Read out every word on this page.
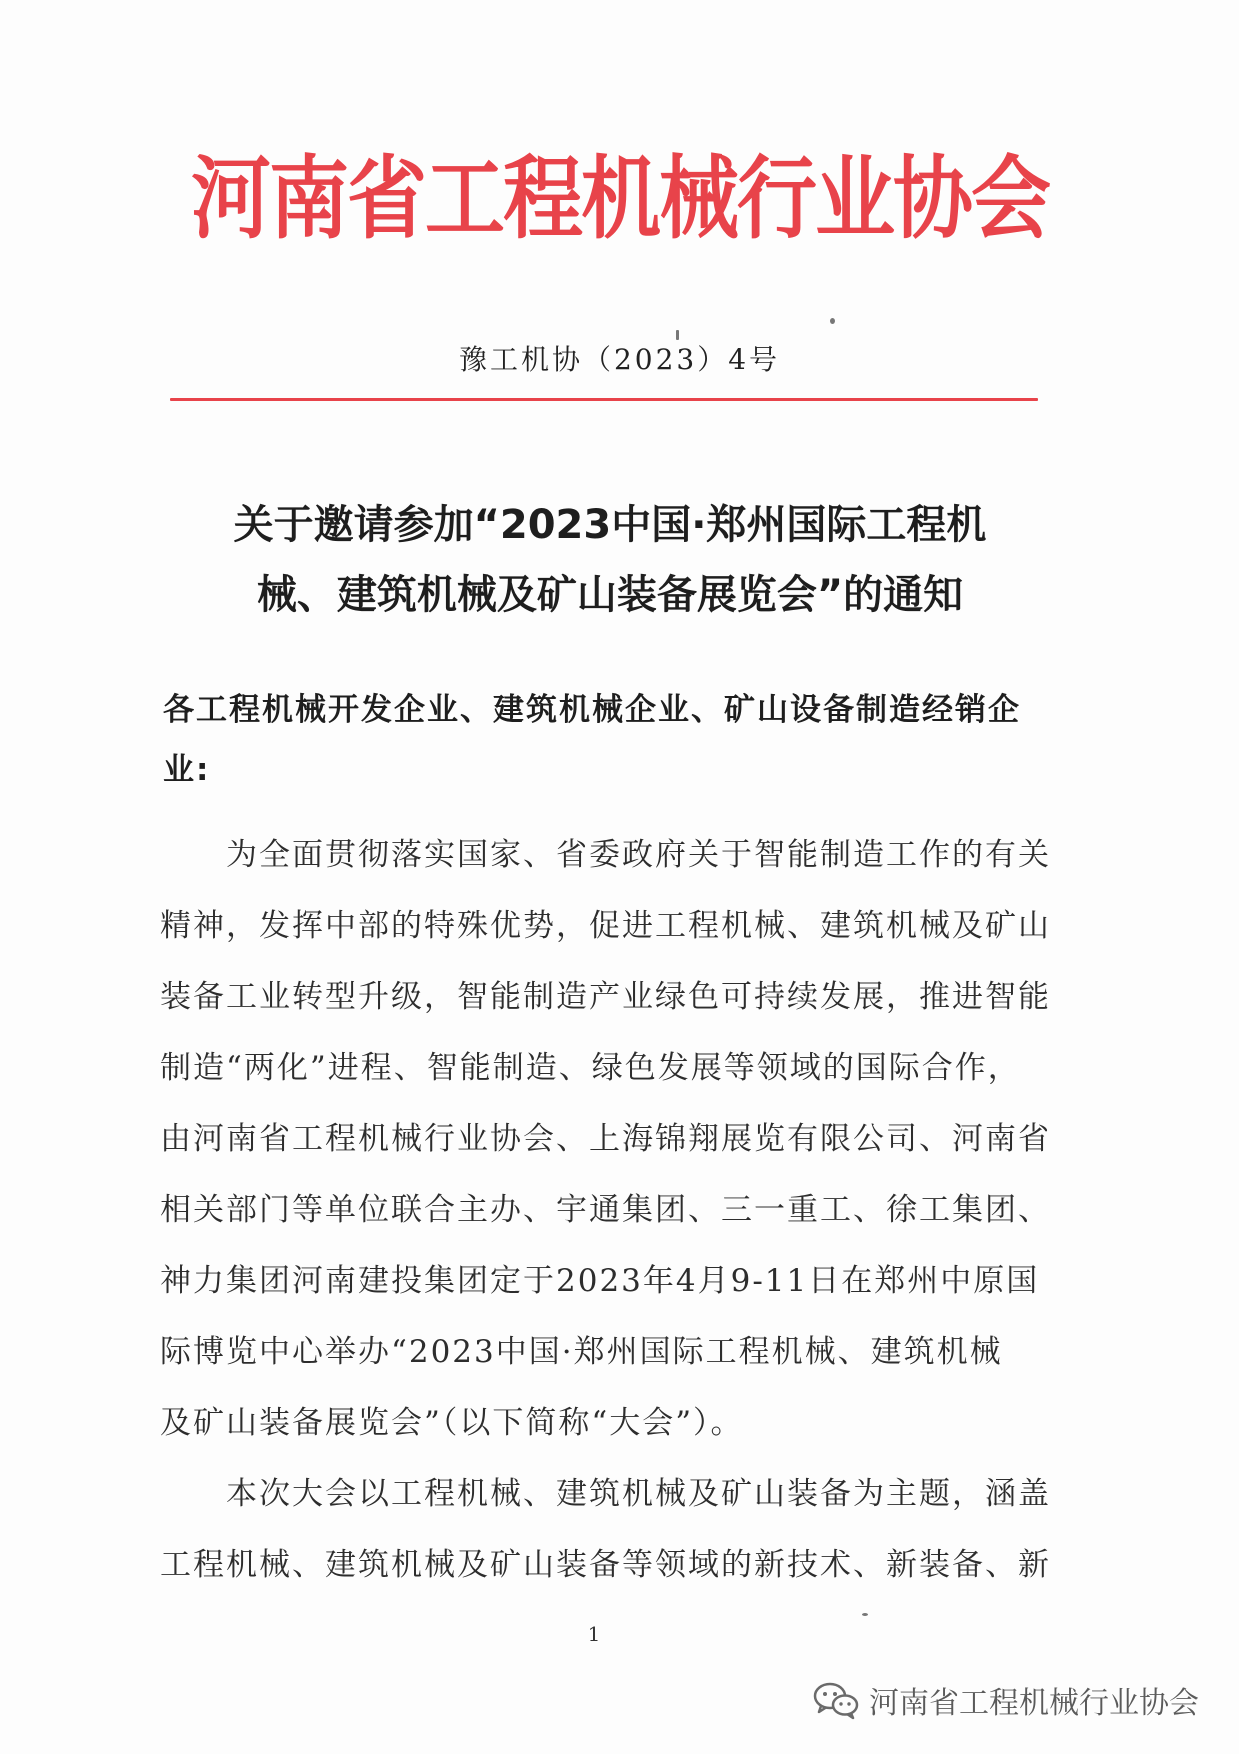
河南省工程机械行业协会
豫工机协（2023）4号
关于邀请参加“2023中国·郑州国际工程机
械、建筑机械及矿山装备展览会”的通知
各工程机械开发企业、建筑机械企业、矿山设备制造经销企
业:
　　为全面贯彻落实国家、省委政府关于智能制造工作的有关
精神，发挥中部的特殊优势，促进工程机械、建筑机械及矿山
装备工业转型升级，智能制造产业绿色可持续发展，推进智能
制造“两化”进程、智能制造、绿色发展等领域的国际合作，
由河南省工程机械行业协会、上海锦翔展览有限公司、河南省
相关部门等单位联合主办、宇通集团、三一重工、徐工集团、
神力集团河南建投集团定于2023年4月9-11日在郑州中原国
际博览中心举办“2023中国·郑州国际工程机械、建筑机械
及矿山装备展览会”（以下简称“大会”）。
　　本次大会以工程机械、建筑机械及矿山装备为主题，涵盖
工程机械、建筑机械及矿山装备等领域的新技术、新装备、新
1
河南省工程机械行业协会
